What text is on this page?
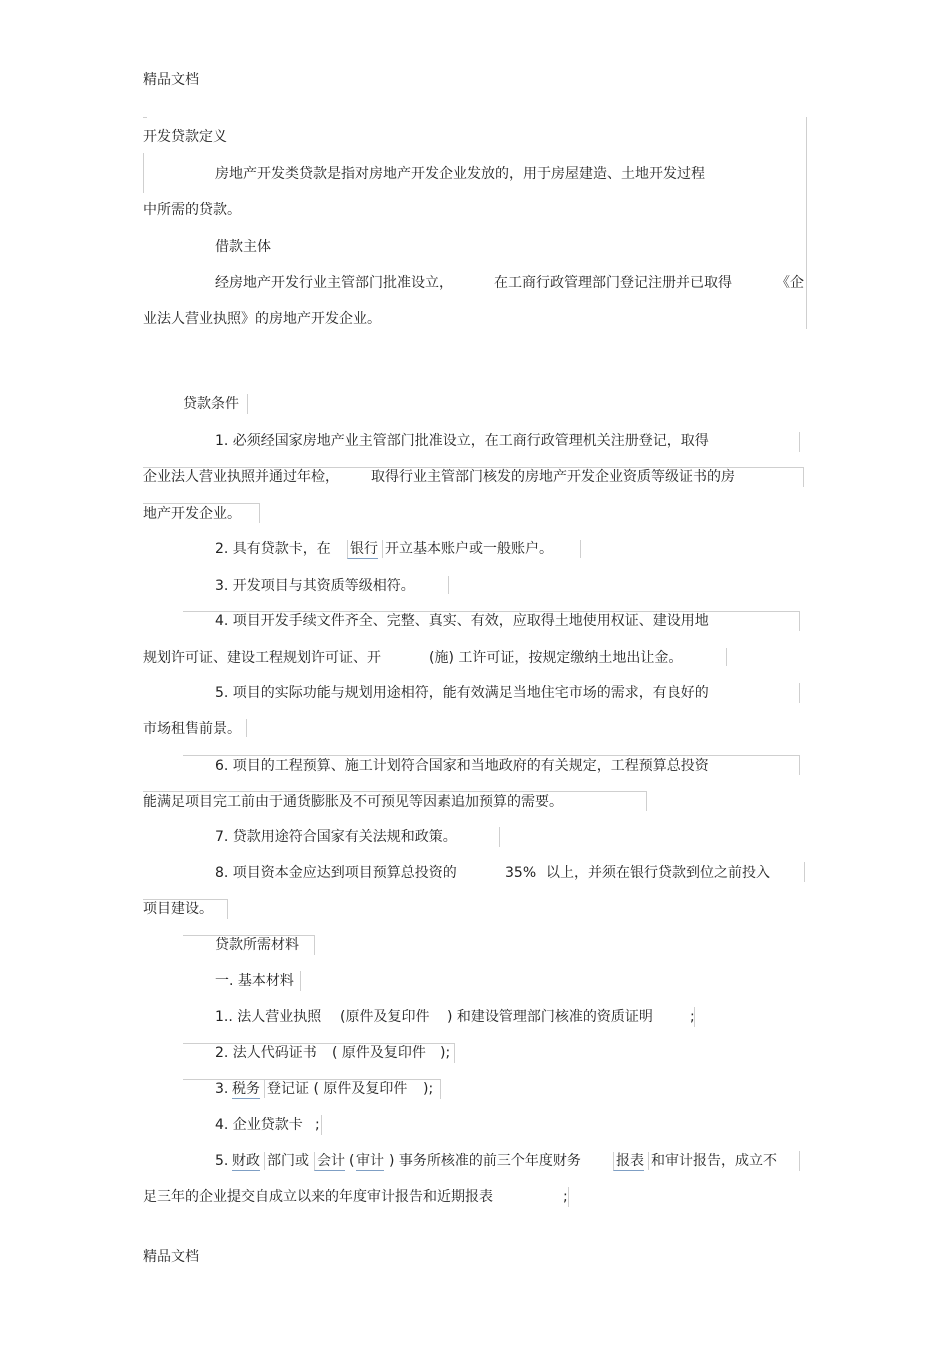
精品文档
精品文档
开发贷款定义
房地产开发类贷款是指对房地产开发企业发放的，用于房屋建造、土地开发过程
中所需的贷款。
借款主体
经房地产开发行业主管部门批准设立，	在工商行政管理部门登记注册并已取得	《企
业法人营业执照》的房地产开发企业。
贷款条件
1. 必须经国家房地产业主管部门批准设立，在工商行政管理机关注册登记，取得
企业法人营业执照并通过年检， 取得行业主管部门核发的房地产开发企业资质等级证书的房
地产开发企业。
2. 具有贷款卡，在 银行 开立基本账户或一般账户。
3. 开发项目与其资质等级相符。
4. 项目开发手续文件齐全、完整、真实、有效，应取得土地使用权证、建设用地
规划许可证、建设工程规划许可证、开	(施) 工许可证，按规定缴纳土地出让金。
5. 项目的实际功能与规划用途相符，能有效满足当地住宅市场的需求，有良好的
市场租售前景。
6. 项目的工程预算、施工计划符合国家和当地政府的有关规定，工程预算总投资
能满足项目完工前由于通货膨胀及不可预见等因素追加预算的需要。
7. 贷款用途符合国家有关法规和政策。
8. 项目资本金应达到项目预算总投资的	35% 以上，并须在银行贷款到位之前投入
项目建设。
贷款所需材料
一. 基本材料
1.. 法人营业执照 (原件及复印件 ) 和建设管理部门核准的资质证明	;
2. 法人代码证书 ( 原件及复印件 );
3. 税务 登记证 ( 原件及复印件 );
4. 企业贷款卡 ;
5. 财政 部门或 会计 ( 审计 ) 事务所核准的前三个年度财务	报表 和审计报告，成立不
足三年的企业提交自成立以来的年度审计报告和近期报表	;
